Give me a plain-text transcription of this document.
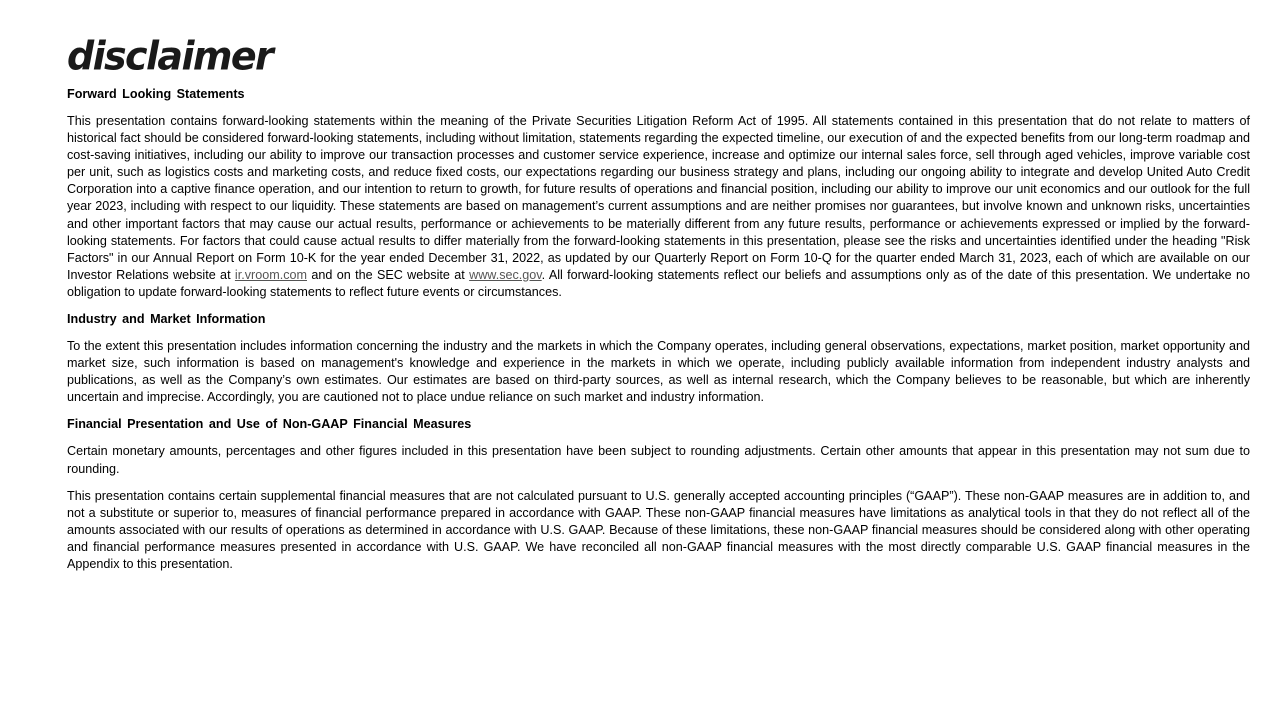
disclaimer
Forward Looking Statements

This presentation contains forward-looking statements within the meaning of the Private Securities Litigation Reform Act of 1995. All statements contained in this presentation that do not relate to matters of historical fact should be considered forward-looking statements, including without limitation, statements regarding the expected timeline, our execution of and the expected benefits from our long-term roadmap and cost-saving initiatives, including our ability to improve our transaction processes and customer service experience, increase and optimize our internal sales force, sell through aged vehicles, improve variable cost per unit, such as logistics costs and marketing costs, and reduce fixed costs, our expectations regarding our business strategy and plans, including our ongoing ability to integrate and develop United Auto Credit Corporation into a captive finance operation, and our intention to return to growth, for future results of operations and financial position, including our ability to improve our unit economics and our outlook for the full year 2023, including with respect to our liquidity. These statements are based on management’s current assumptions and are neither promises nor guarantees, but involve known and unknown risks, uncertainties and other important factors that may cause our actual results, performance or achievements to be materially different from any future results, performance or achievements expressed or implied by the forward-looking statements. For factors that could cause actual results to differ materially from the forward-looking statements in this presentation, please see the risks and uncertainties identified under the heading "Risk Factors" in our Annual Report on Form 10-K for the year ended December 31, 2022, as updated by our Quarterly Report on Form 10-Q for the quarter ended March 31, 2023, each of which are available on our Investor Relations website at ir.vroom.com and on the SEC website at www.sec.gov. All forward-looking statements reflect our beliefs and assumptions only as of the date of this presentation. We undertake no obligation to update forward-looking statements to reflect future events or circumstances.

Industry and Market Information

To the extent this presentation includes information concerning the industry and the markets in which the Company operates, including general observations, expectations, market position, market opportunity and market size, such information is based on management's knowledge and experience in the markets in which we operate, including publicly available information from independent industry analysts and publications, as well as the Company’s own estimates. Our estimates are based on third-party sources, as well as internal research, which the Company believes to be reasonable, but which are inherently uncertain and imprecise. Accordingly, you are cautioned not to place undue reliance on such market and industry information.

Financial Presentation and Use of Non-GAAP Financial Measures

Certain monetary amounts, percentages and other figures included in this presentation have been subject to rounding adjustments. Certain other amounts that appear in this presentation may not sum due to rounding.

This presentation contains certain supplemental financial measures that are not calculated pursuant to U.S. generally accepted accounting principles (“GAAP”). These non-GAAP measures are in addition to, and not a substitute or superior to, measures of financial performance prepared in accordance with GAAP. These non-GAAP financial measures have limitations as analytical tools in that they do not reflect all of the amounts associated with our results of operations as determined in accordance with U.S. GAAP. Because of these limitations, these non-GAAP financial measures should be considered along with other operating and financial performance measures presented in accordance with U.S. GAAP. We have reconciled all non-GAAP financial measures with the most directly comparable U.S. GAAP financial measures in the Appendix to this presentation.
